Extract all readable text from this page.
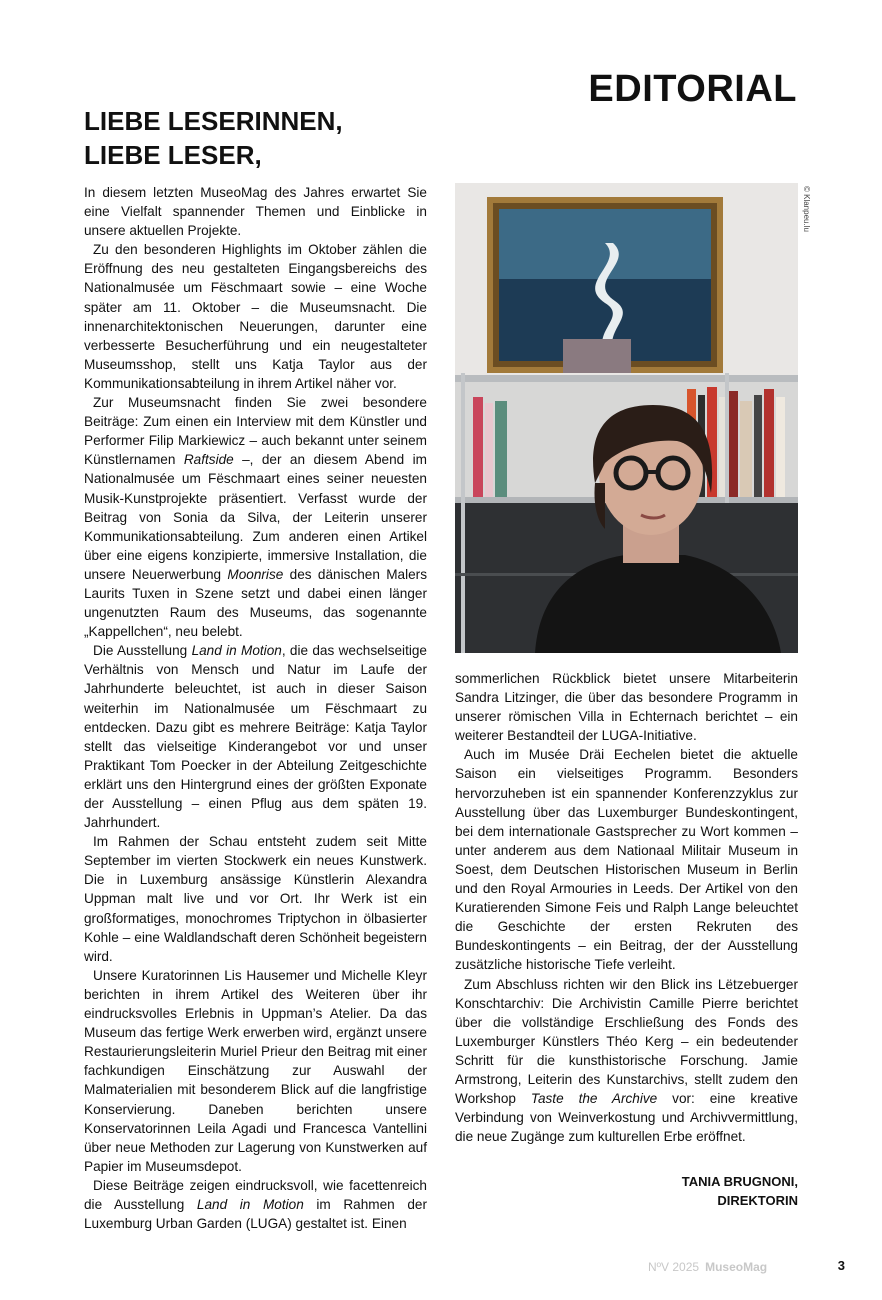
EDITORIAL
LIEBE LESERINNEN,
LIEBE LESER,

In diesem letzten MuseoMag des Jahres erwartet Sie eine Vielfalt spannender Themen und Einblicke in unsere aktuellen Projekte.

Zu den besonderen Highlights im Oktober zählen die Eröffnung des neu gestalteten Eingangsbereichs des Nationalmusée um Fëschmaart sowie – eine Woche später am 11. Oktober – die Museumsnacht. Die innenarchitektonischen Neuerungen, darunter eine verbesserte Besucherführung und ein neugestalteter Museumsshop, stellt uns Katja Taylor aus der Kommunikationsabteilung in ihrem Artikel näher vor.

Zur Museumsnacht finden Sie zwei besondere Beiträge: Zum einen ein Interview mit dem Künstler und Performer Filip Markiewicz – auch bekannt unter seinem Künstlernamen Raftside –, der an diesem Abend im Nationalmusée um Fëschmaart eines seiner neuesten Musik-Kunstprojekte präsentiert. Verfasst wurde der Beitrag von Sonia da Silva, der Leiterin unserer Kommunikationsabteilung. Zum anderen einen Artikel über eine eigens konzipierte, immersive Installation, die unsere Neuerwerbung Moonrise des dänischen Malers Laurits Tuxen in Szene setzt und dabei einen länger ungenutzten Raum des Museums, das sogenannte „Kappellchen“, neu belebt.

Die Ausstellung Land in Motion, die das wechselseitige Verhältnis von Mensch und Natur im Laufe der Jahrhunderte beleuchtet, ist auch in dieser Saison weiterhin im Nationalmusée um Fëschmaart zu entdecken. Dazu gibt es mehrere Beiträge: Katja Taylor stellt das vielseitige Kinderangebot vor und unser Praktikant Tom Poecker in der Abteilung Zeitgeschichte erklärt uns den Hintergrund eines der größten Exponate der Ausstellung – einen Pflug aus dem späten 19. Jahrhundert.

Im Rahmen der Schau entsteht zudem seit Mitte September im vierten Stockwerk ein neues Kunstwerk. Die in Luxemburg ansässige Künstlerin Alexandra Uppman malt live und vor Ort. Ihr Werk ist ein großformatiges, monochromes Triptychon in ölbasierter Kohle – eine Waldlandschaft deren Schönheit begeistern wird.

Unsere Kuratorinnen Lis Hausemer und Michelle Kleyr berichten in ihrem Artikel des Weiteren über ihr eindrucksvolles Erlebnis in Uppman’s Atelier. Da das Museum das fertige Werk erwerben wird, ergänzt unsere Restaurierungsleiterin Muriel Prieur den Beitrag mit einer fachkundigen Einschätzung zur Auswahl der Malmaterialien mit besonderem Blick auf die langfristige Konservierung. Daneben berichten unsere Konservatorinnen Leila Agadi und Francesca Vantellini über neue Methoden zur Lagerung von Kunstwerken auf Papier im Museumsdepot.

Diese Beiträge zeigen eindrucksvoll, wie facettenreich die Ausstellung Land in Motion im Rahmen der Luxemburg Urban Garden (LUGA) gestaltet ist. Einen

© Klanpeu.lu

sommerlichen Rückblick bietet unsere Mitarbeiterin Sandra Litzinger, die über das besondere Programm in unserer römischen Villa in Echternach berichtet – ein weiterer Bestandteil der LUGA-Initiative.

Auch im Musée Dräi Eechelen bietet die aktuelle Saison ein vielseitiges Programm. Besonders hervorzuheben ist ein spannender Konferenzzyklus zur Ausstellung über das Luxemburger Bundeskontingent, bei dem internationale Gastsprecher zu Wort kommen – unter anderem aus dem Nationaal Militair Museum in Soest, dem Deutschen Historischen Museum in Berlin und den Royal Armouries in Leeds. Der Artikel von den Kuratierenden Simone Feis und Ralph Lange beleuchtet die Geschichte der ersten Rekruten des Bundeskontingents – ein Beitrag, der der Ausstellung zusätzliche historische Tiefe verleiht.

Zum Abschluss richten wir den Blick ins Lëtzebuerger Konschtarchiv: Die Archivistin Camille Pierre berichtet über die vollständige Erschließung des Fonds des Luxemburger Künstlers Théo Kerg – ein bedeutender Schritt für die kunsthistorische Forschung. Jamie Armstrong, Leiterin des Kunstarchivs, stellt zudem den Workshop Taste the Archive vor: eine kreative Verbindung von Weinverkostung und Archivvermittlung, die neue Zugänge zum kulturellen Erbe eröffnet.

TANIA BRUGNONI,
DIREKTORIN
NºV 2025 MuseoMag	3
